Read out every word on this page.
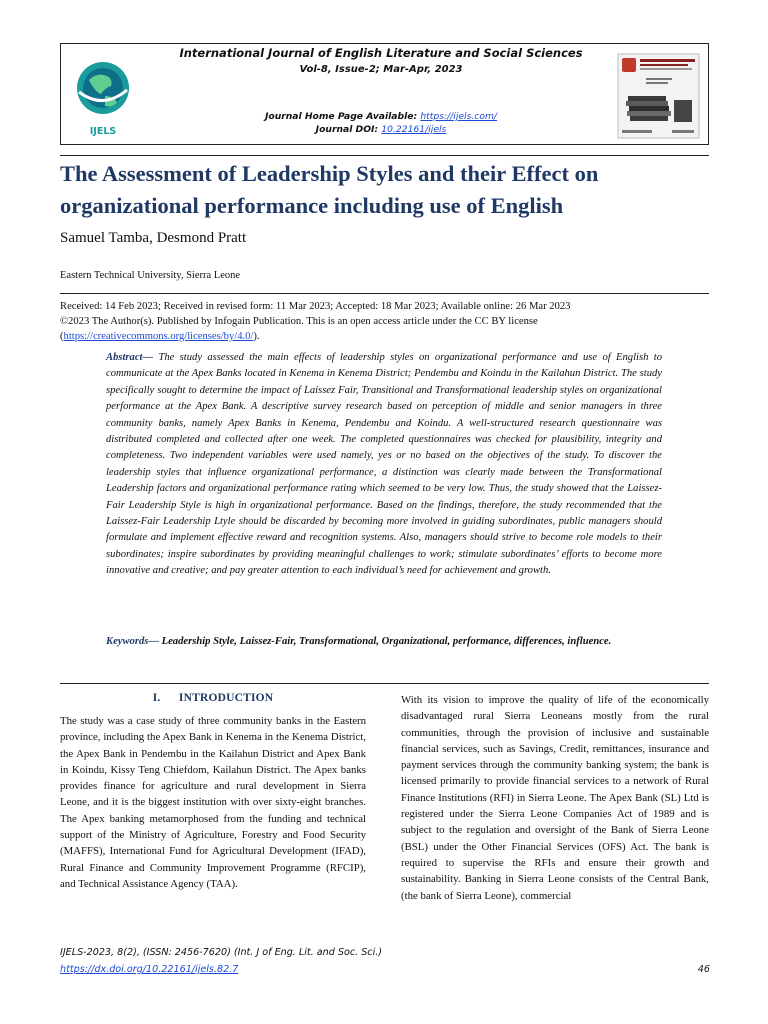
IJELS
International Journal of English Literature and Social Sciences
Vol-8, Issue-2; Mar-Apr, 2023
Journal Home Page Available: https://ijels.com/
Journal DOI: 10.22161/ijels
The Assessment of Leadership Styles and their Effect on organizational performance including use of English
Samuel Tamba, Desmond Pratt
Eastern Technical University, Sierra Leone
Received: 14 Feb 2023; Received in revised form: 11 Mar 2023; Accepted: 18 Mar 2023; Available online: 26 Mar 2023
©2023 The Author(s). Published by Infogain Publication. This is an open access article under the CC BY license
(https://creativecommons.org/licenses/by/4.0/).
Abstract— The study assessed the main effects of leadership styles on organizational performance and use of English to communicate at the Apex Banks located in Kenema in Kenema District; Pendembu and Koindu in the Kailahun District. The study specifically sought to determine the impact of Laissez Fair, Transitional and Transformational leadership styles on organizational performance at the Apex Bank. A descriptive survey research based on perception of middle and senior managers in three community banks, namely Apex Banks in Kenema, Pendembu and Koindu. A well-structured research questionnaire was distributed completed and collected after one week. The completed questionnaires was checked for plausibility, integrity and completeness. Two independent variables were used namely, yes or no based on the objectives of the study. To discover the leadership styles that influence organizational performance, a distinction was clearly made between the Transformational Leadership factors and organizational performance rating which seemed to be very low. Thus, the study showed that the Laissez-Fair Leadership Style is high in organizational performance. Based on the findings, therefore, the study recommended that the Laissez-Fair Leadership Ltyle should be discarded by becoming more involved in guiding subordinates, public managers should formulate and implement effective reward and recognition systems. Also, managers should strive to become role models to their subordinates; inspire subordinates by providing meaningful challenges to work; stimulate subordinates’ efforts to become more innovative and creative; and pay greater attention to each individual’s need for achievement and growth.
Keywords— Leadership Style, Laissez-Fair, Transformational, Organizational, performance, differences, influence.
I.      INTRODUCTION

The study was a case study of three community banks in the Eastern province, including the Apex Bank in Kenema in the Kenema District, the Apex Bank in Pendembu in the Kailahun District and Apex Bank in Koindu, Kissy Teng Chiefdom, Kailahun District. The Apex banks provides finance for agriculture and rural development in Sierra Leone, and it is the biggest institution with over sixty-eight branches. The Apex banking metamorphosed from the funding and technical support of the Ministry of Agriculture, Forestry and Food Security (MAFFS), International Fund for Agricultural Development (IFAD), Rural Finance and Community Improvement Programme (RFCIP), and Technical Assistance Agency (TAA).

With its vision to improve the quality of life of the economically disadvantaged rural Sierra Leoneans mostly from the rural communities, through the provision of inclusive and sustainable financial services, such as Savings, Credit, remittances, insurance and payment services through the community banking system; the bank is licensed primarily to provide financial services to a network of Rural Finance Institutions (RFI) in Sierra Leone. The Apex Bank (SL) Ltd is registered under the Sierra Leone Companies Act of 1989 and is subject to the regulation and oversight of the Bank of Sierra Leone (BSL) under the Other Financial Services (OFS) Act. The bank is required to supervise the RFIs and ensure their growth and sustainability. Banking in Sierra Leone consists of the Central Bank, (the bank of Sierra Leone), commercial

IJELS-2023, 8(2), (ISSN: 2456-7620) (Int. J of Eng. Lit. and Soc. Sci.)
https://dx.doi.org/10.22161/ijels.82.7	46
